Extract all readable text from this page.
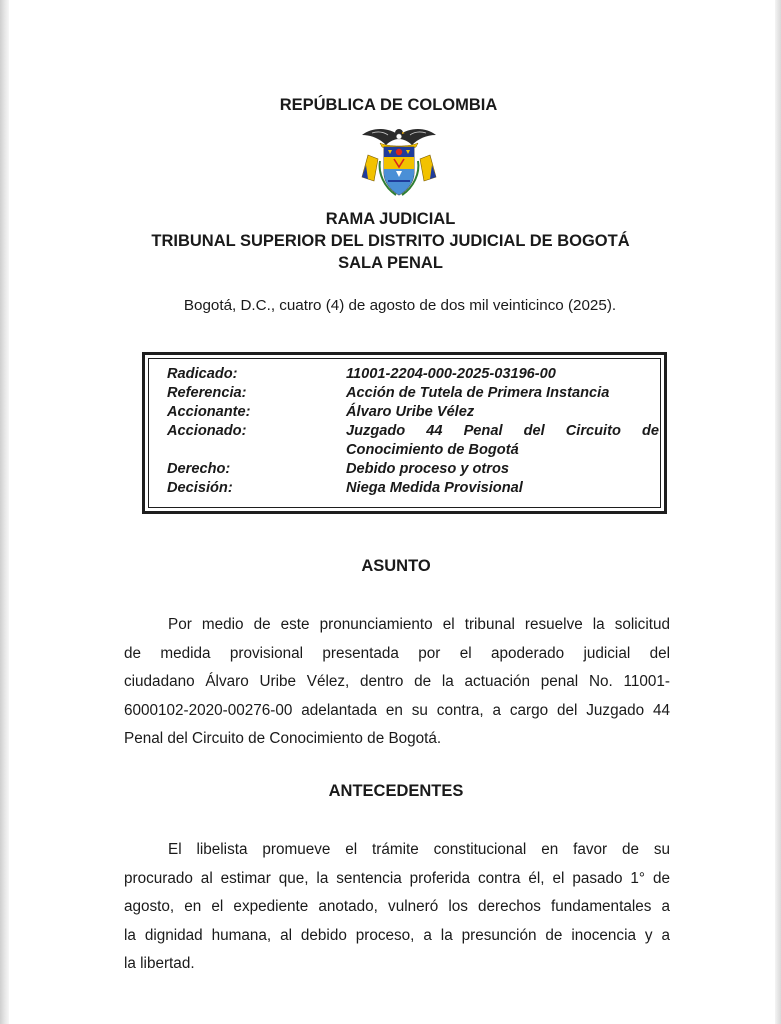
REPÚBLICA DE COLOMBIA
RAMA JUDICIAL
TRIBUNAL SUPERIOR DEL DISTRITO JUDICIAL DE BOGOTÁ
SALA PENAL
Bogotá, D.C., cuatro (4) de agosto de dos mil veinticinco (2025).
Radicado:	11001-2204-000-2025-03196-00
Referencia:	Acción de Tutela de Primera Instancia
Accionante:	Álvaro Uribe Vélez
Accionado:	Juzgado 44 Penal del Circuito de
Conocimiento de Bogotá
Derecho:	Debido proceso y otros
Decisión:	Niega Medida Provisional
ASUNTO
Por medio de este pronunciamiento el tribunal resuelve la solicitud
de medida provisional presentada por el apoderado judicial del
ciudadano Álvaro Uribe Vélez, dentro de la actuación penal No. 11001-
6000102-2020-00276-00 adelantada en su contra, a cargo del Juzgado 44
Penal del Circuito de Conocimiento de Bogotá.
ANTECEDENTES
El libelista promueve el trámite constitucional en favor de su
procurado al estimar que, la sentencia proferida contra él, el pasado 1° de
agosto, en el expediente anotado, vulneró los derechos fundamentales a
la dignidad humana, al debido proceso, a la presunción de inocencia y a
la libertad.
